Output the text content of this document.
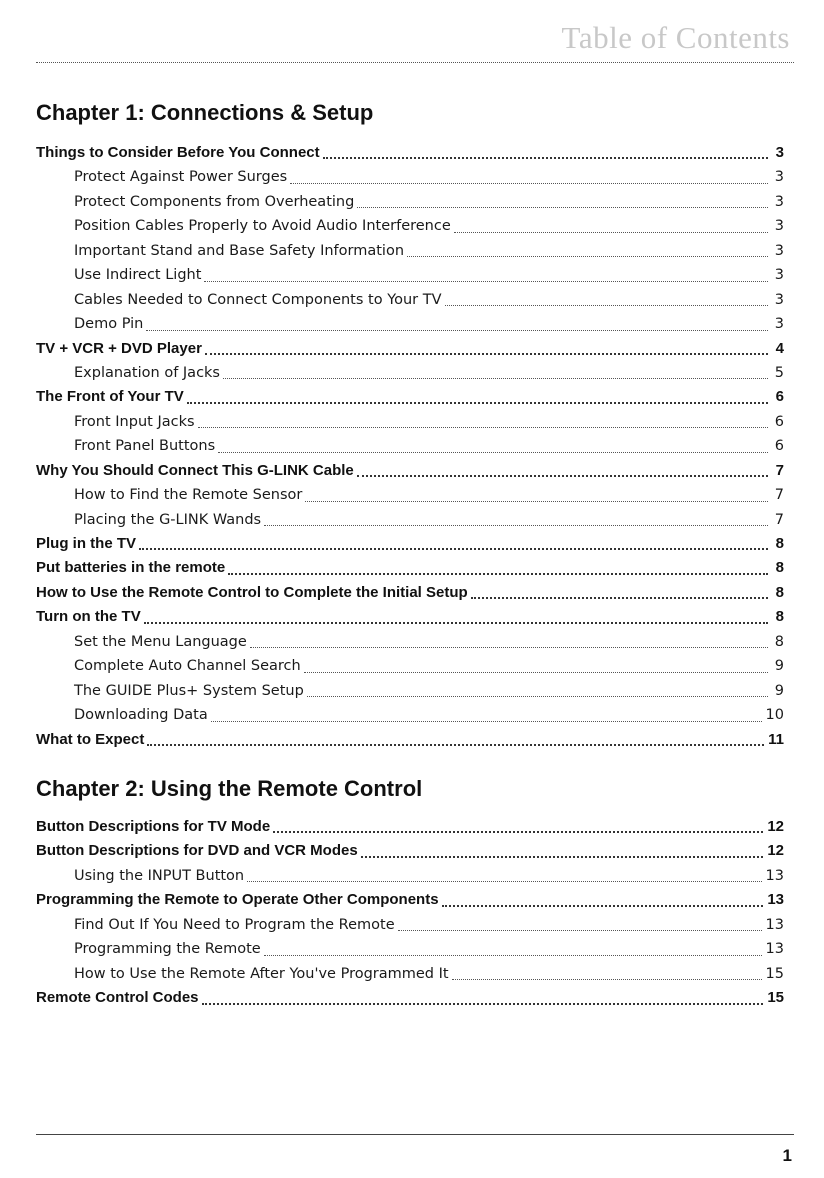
Table of Contents
Chapter 1: Connections & Setup
Things to Consider Before You Connect	3
Protect Against Power Surges	3
Protect Components from Overheating	3
Position Cables Properly to Avoid Audio Interference	3
Important Stand and Base Safety Information	3
Use Indirect Light	3
Cables Needed to Connect Components to Your TV	3
Demo Pin	3
TV + VCR + DVD Player	4
Explanation of Jacks	5
The Front of Your TV	6
Front Input Jacks	6
Front Panel Buttons	6
Why You Should Connect This G-LINK Cable	7
How to Find the Remote Sensor	7
Placing the G-LINK Wands	7
Plug in the TV	8
Put batteries in the remote	8
How to Use the Remote Control to Complete the Initial Setup	8
Turn on the TV	8
Set the Menu Language	8
Complete Auto Channel Search	9
The GUIDE Plus+ System Setup	9
Downloading Data	10
What to Expect	11
Chapter 2: Using the Remote Control
Button Descriptions for TV Mode	12
Button Descriptions for DVD and VCR Modes	12
Using the INPUT Button	13
Programming the Remote to Operate Other Components	13
Find Out If You Need to Program the Remote	13
Programming the Remote	13
How to Use the Remote After You've Programmed It	15
Remote Control Codes	15
1
